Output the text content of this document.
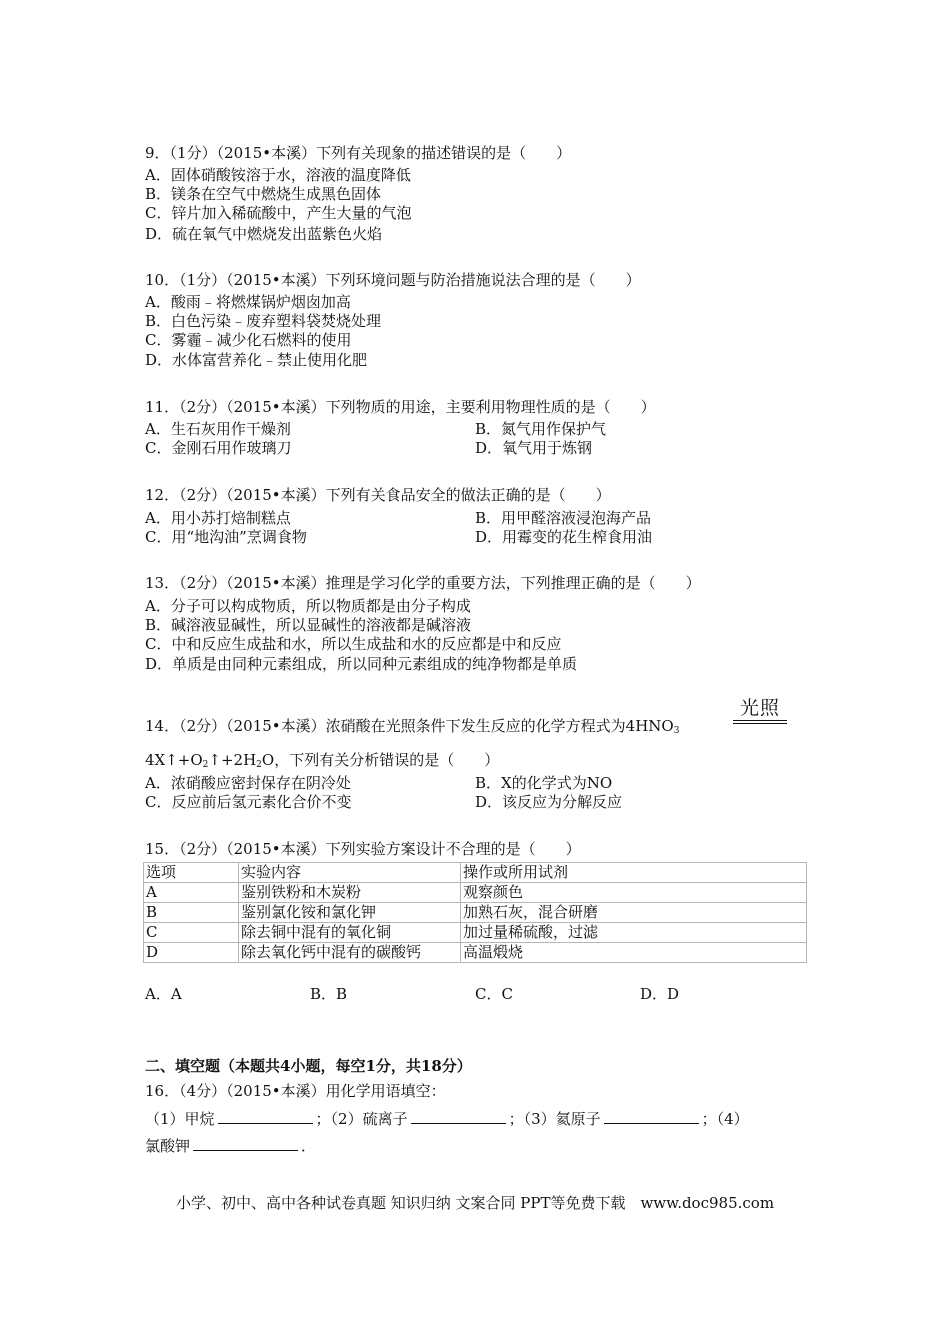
9．（1分）（2015•本溪）下列有关现象的描述错误的是（　　）
A．固体硝酸铵溶于水，溶液的温度降低
B．镁条在空气中燃烧生成黑色固体
C．锌片加入稀硫酸中，产生大量的气泡
D．硫在氧气中燃烧发出蓝紫色火焰
10．（1分）（2015•本溪）下列环境问题与防治措施说法合理的是（　　）
A．酸雨﹣将燃煤锅炉烟囱加高
B．白色污染﹣废弃塑料袋焚烧处理
C．雾霾﹣减少化石燃料的使用
D．水体富营养化﹣禁止使用化肥
11．（2分）（2015•本溪）下列物质的用途，主要利用物理性质的是（　　）
A．生石灰用作干燥剂	B．氮气用作保护气
C．金刚石用作玻璃刀	D．氧气用于炼钢
12．（2分）（2015•本溪）下列有关食品安全的做法正确的是（　　）
A．用小苏打焙制糕点	B．用甲醛溶液浸泡海产品
C．用“地沟油”烹调食物	D．用霉变的花生榨食用油
13．（2分）（2015•本溪）推理是学习化学的重要方法，下列推理正确的是（　　）
A．分子可以构成物质，所以物质都是由分子构成
B．碱溶液显碱性，所以显碱性的溶液都是碱溶液
C．中和反应生成盐和水，所以生成盐和水的反应都是中和反应
D．单质是由同种元素组成，所以同种元素组成的纯净物都是单质
14．（2分）（2015•本溪）浓硝酸在光照条件下发生反应的化学方程式为$4HNO_3$
光照
$4X↑+O_2↑+2H_2O$，下列有关分析错误的是（　　）
A．浓硝酸应密封保存在阴冷处	B．X的化学式为NO
C．反应前后氢元素化合价不变	D．该反应为分解反应
15．（2分）（2015•本溪）下列实验方案设计不合理的是（　　）
选项	实验内容	操作或所用试剂
A	鉴别铁粉和木炭粉	观察颜色
B	鉴别氯化铵和氯化钾	加熟石灰，混合研磨
C	除去铜中混有的氧化铜	加过量稀硫酸，过滤
D	除去氧化钙中混有的碳酸钙	高温煅烧
A．A	B．B	C．C	D．D
二、填空题（本题共4小题，每空1分，共18分）
16．（4分）（2015•本溪）用化学用语填空：
（1）甲烷	；（2）硫离子	；（3）氦原子	；（4）
氯酸钾	．
小学、初中、高中各种试卷真题 知识归纳 文案合同 PPT等免费下载　www.doc985.com
